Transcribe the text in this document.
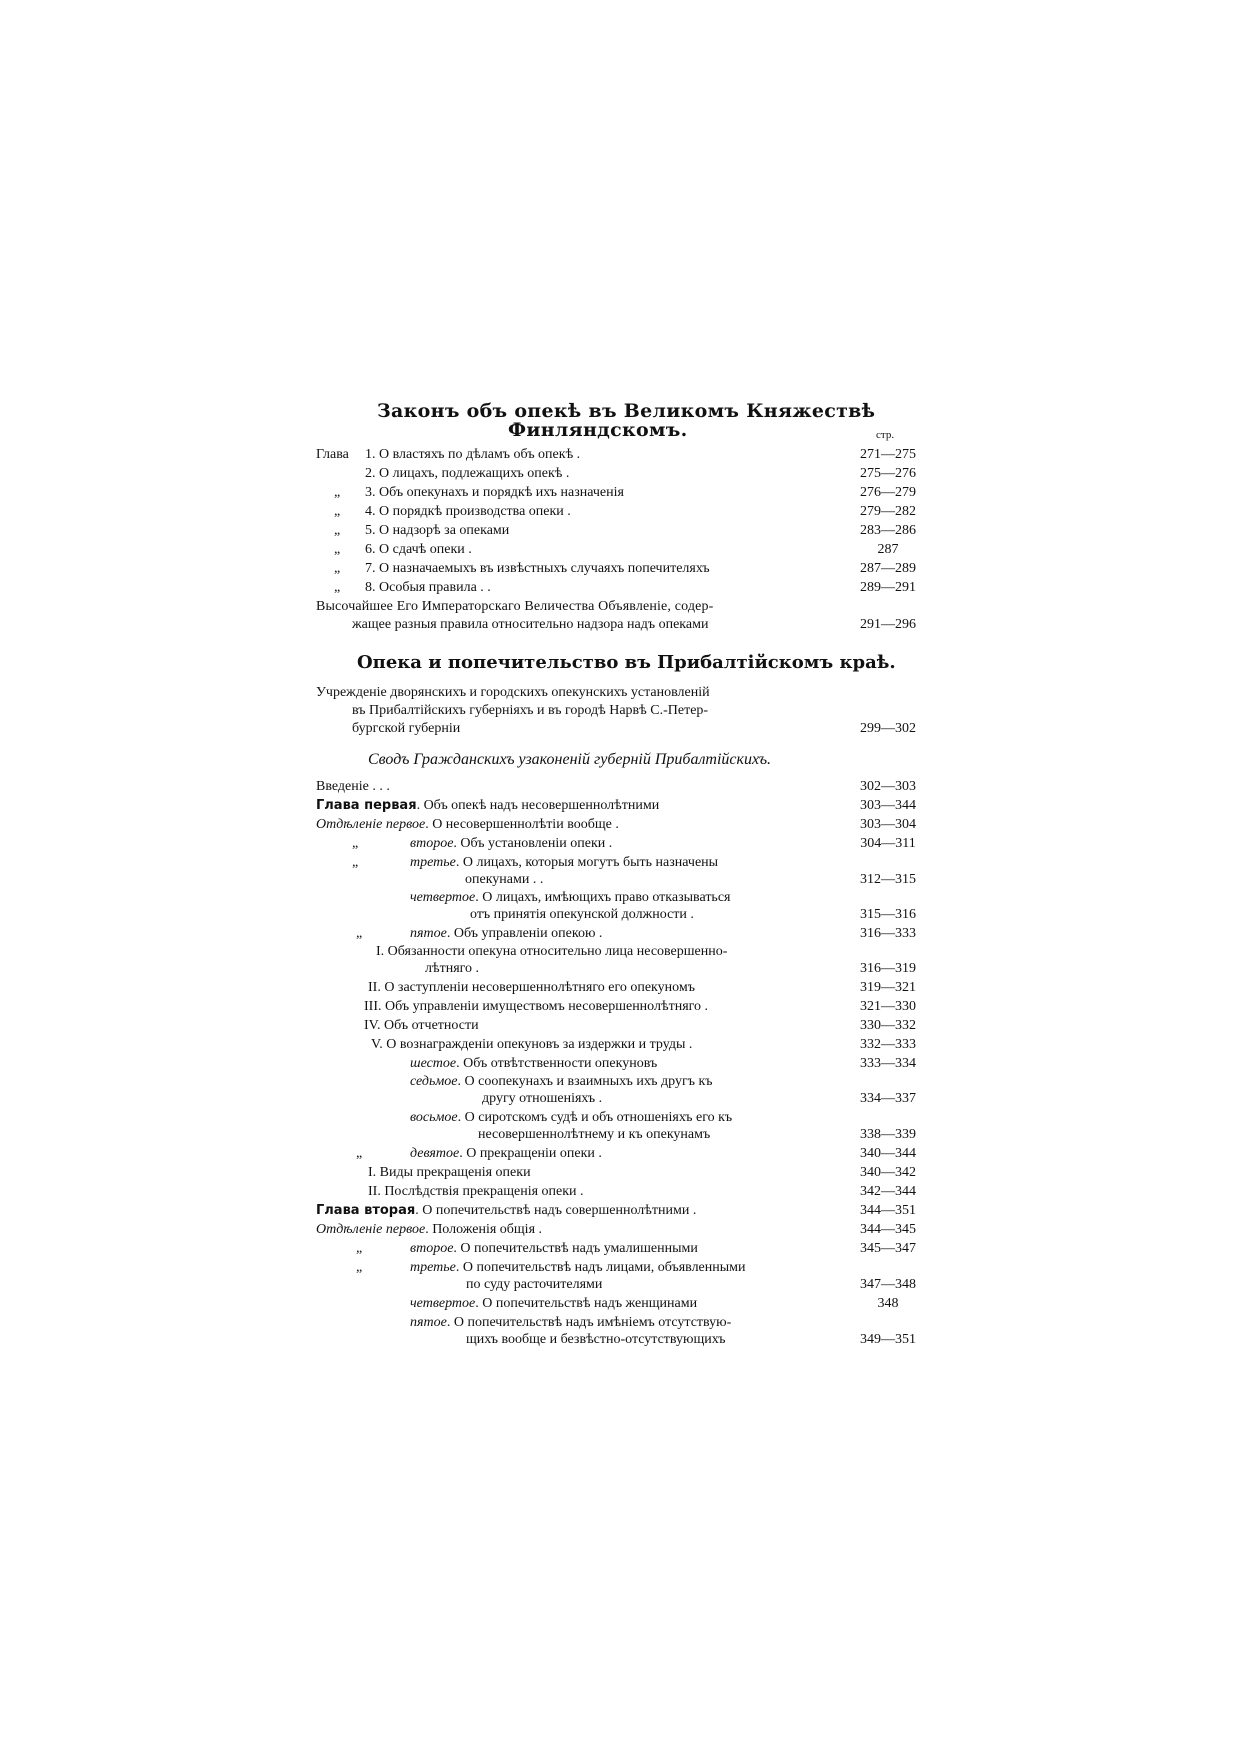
Законъ объ опекѣ въ Великомъ Княжествѣ
Финляндскомъ.	стр.
Глава 1. О властяхъ по дѣламъ объ опекѣ .	271—275
2. О лицахъ, подлежащихъ опекѣ .	275—276
„ 3. Объ опекунахъ и порядкѣ ихъ назначенія	276—279
„ 4. О порядкѣ производства опеки .	279—282
„ 5. О надзорѣ за опеками	283—286
„ 6. О сдачѣ опеки .	287
„ 7. О назначаемыхъ въ извѣстныхъ случаяхъ попечителяхъ	287—289
„ 8. Особыя правила . .	289—291
Высочайшее Его Императорскаго Величества Объявленіе, содер-
жащее разныя правила относительно надзора надъ опеками	291—296
Опека и попечительство въ Прибалтійскомъ краѣ.
Учрежденіе дворянскихъ и городскихъ опекунскихъ установленій
въ Прибалтійскихъ губерніяхъ и въ городѣ Нарвѣ С.-Петер-
бургской губерніи	299—302
Сводъ Гражданскихъ узаконеній губерній Прибалтійскихъ.
Введеніе . . .	302—303
Глава первая. Объ опекѣ надъ несовершеннолѣтними	303—344
Отдѣленіе первое. О несовершеннолѣтіи вообще .	303—304
„	второе. Объ установленіи опеки .	304—311
„	третье. О лицахъ, которыя могутъ быть назначены
опекунами . .	312—315
четвертое. О лицахъ, имѣющихъ право отказываться
отъ принятія опекунской должности .	315—316
„	пятое. Объ управленіи опекою .	316—333
I. Обязанности опекуна относительно лица несовершенно-
лѣтняго .	316—319
II. О заступленіи несовершеннолѣтняго его опекуномъ	319—321
III. Объ управленіи имуществомъ несовершеннолѣтняго .	321—330
IV. Объ отчетности	330—332
V. О вознагражденіи опекуновъ за издержки и труды .	332—333
шестое. Объ отвѣтственности опекуновъ	333—334
седьмое. О соопекунахъ и взаимныхъ ихъ другъ къ
другу отношеніяхъ .	334—337
восьмое. О сиротскомъ судѣ и объ отношеніяхъ его къ
несовершеннолѣтнему и къ опекунамъ	338—339
„	девятое. О прекращеніи опеки .	340—344
I. Виды прекращенія опеки	340—342
II. Послѣдствія прекращенія опеки .	342—344
Глава вторая. О попечительствѣ надъ совершеннолѣтними .	344—351
Отдѣленіе первое. Положенія общія .	344—345
„	второе. О попечительствѣ надъ умалишенными	345—347
„	третье. О попечительствѣ надъ лицами, объявленными
по суду расточителями	347—348
четвертое. О попечительствѣ надъ женщинами	348
пятое. О попечительствѣ надъ имѣніемъ отсутствую-
щихъ вообще и безвѣстно-отсутствующихъ	349—351
